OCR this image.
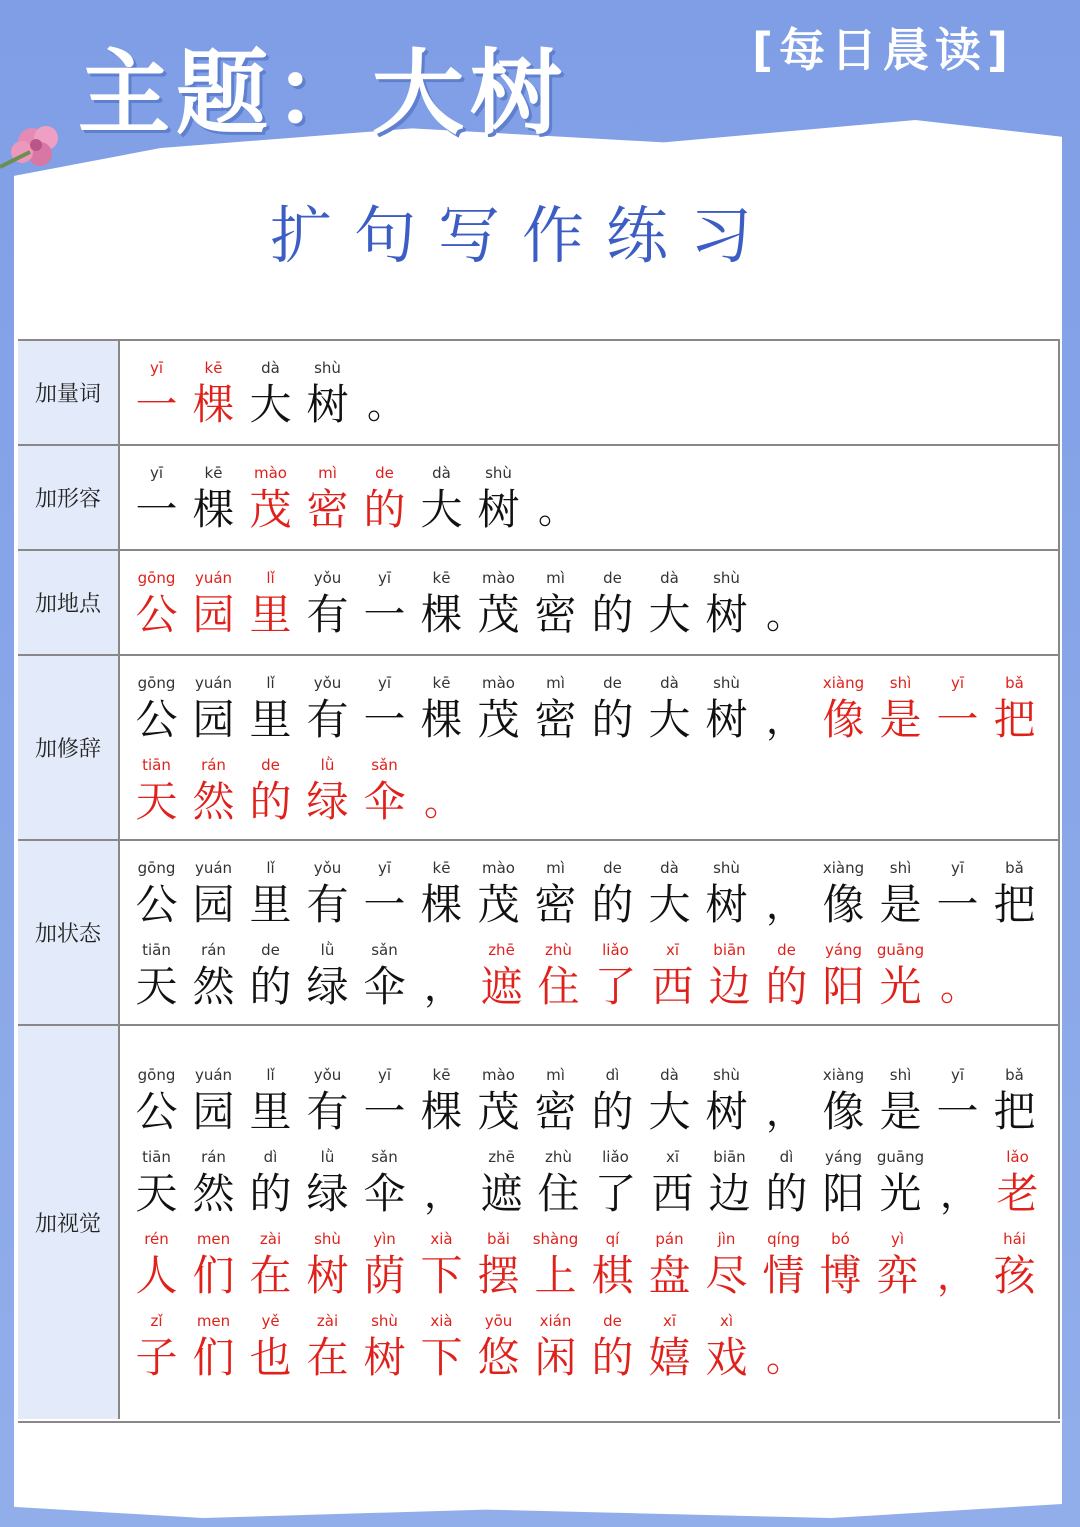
主题：大树	[每日晨读]
扩句写作练习
加量词
yī
一
kē
棵
dà
大
shù
树 。
加形容
yī
一
kē
棵
mào
茂
mì
密
de
的
dà
大
shù
树 。
加地点
gōng
公
yuán
园
lǐ
里
yǒu
有
yī
一
kē
棵
mào
茂
mì
密
de
的
dà
大
shù
树 。
加修辞
gōng
公
yuán
园
lǐ
里
yǒu
有
yī
一
kē
棵
mào
茂
mì
密
de
的
dà
大
shù
树 ，
xiàng
像
shì
是
yī
一
bǎ
把
tiān
天
rán
然
de
的
lǜ
绿
sǎn
伞 。
加状态
gōng
公
yuán
园
lǐ
里
yǒu
有
yī
一
kē
棵
mào
茂
mì
密
de
的
dà
大
shù
树 ，
xiàng
像
shì
是
yī
一
bǎ
把
tiān
天
rán
然
de
的
lǜ
绿
sǎn
伞 ，
zhē
遮
zhù
住
liǎo
了
xī
西
biān
边
de
的
yáng
阳
guāng
光 。
加视觉
gōng
公
yuán
园
lǐ
里
yǒu
有
yī
一
kē
棵
mào
茂
mì
密
dì
的
dà
大
shù
树 ，
xiàng
像
shì
是
yī
一
bǎ
把
tiān
天
rán
然
dì
的
lǜ
绿
sǎn
伞 ，
zhē
遮
zhù
住
liǎo
了
xī
西
biān
边
dì
的
yáng
阳
guāng
光 ，
lǎo
老
rén
人
men
们
zài
在
shù
树
yìn
荫
xià
下
bǎi
摆
shàng
上
qí
棋
pán
盘
jìn
尽
qíng
情
bó
博
yì
弈 ，
hái
孩
zǐ
子
men
们
yě
也
zài
在
shù
树
xià
下
yōu
悠
xián
闲
de
的
xī
嬉
xì
戏 。
